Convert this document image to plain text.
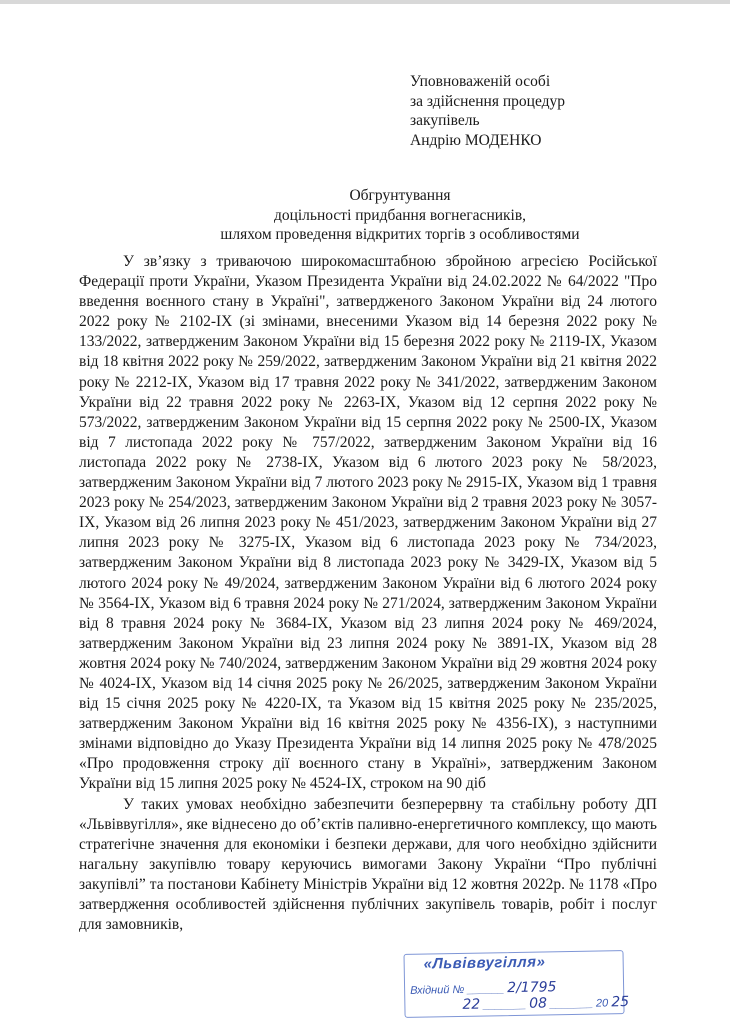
Уповноваженій особі
за здійснення процедур
закупівель
Андрію МОДЕНКО
Обгрунтування
доцільності придбання вогнегасників,
шляхом проведення відкритих торгів з особливостями

У зв’язку з триваючою широкомасштабною збройною агресією Російської Федерації проти України, Указом Президента України від 24.02.2022 № 64/2022 "Про введення воєнного стану в Україні", затвердженого Законом України від 24 лютого 2022 року № 2102-IX (зі змінами, внесеними Указом від 14 березня 2022 року № 133/2022, затвердженим Законом України від 15 березня 2022 року № 2119-IX, Указом від 18 квітня 2022 року № 259/2022, затвердженим Законом України від 21 квітня 2022 року № 2212-IX, Указом від 17 травня 2022 року № 341/2022, затвердженим Законом України від 22 травня 2022 року № 2263-IX, Указом від 12 серпня 2022 року № 573/2022, затвердженим Законом України від 15 серпня 2022 року № 2500-IX, Указом від 7 листопада 2022 року № 757/2022, затвердженим Законом України від 16 листопада 2022 року № 2738-IX, Указом від 6 лютого 2023 року № 58/2023, затвердженим Законом України від 7 лютого 2023 року № 2915-IX, Указом від 1 травня 2023 року № 254/2023, затвердженим Законом України від 2 травня 2023 року № 3057-IX, Указом від 26 липня 2023 року № 451/2023, затвердженим Законом України від 27 липня 2023 року № 3275-IX, Указом від 6 листопада 2023 року № 734/2023, затвердженим Законом України від 8 листопада 2023 року № 3429-IX, Указом від 5 лютого 2024 року № 49/2024, затвердженим Законом України від 6 лютого 2024 року № 3564-IX, Указом від 6 травня 2024 року № 271/2024, затвердженим Законом України від 8 травня 2024 року № 3684-IX, Указом від 23 липня 2024 року № 469/2024, затвердженим Законом України від 23 липня 2024 року № 3891-IX, Указом від 28 жовтня 2024 року № 740/2024, затвердженим Законом України від 29 жовтня 2024 року № 4024-IX, Указом від 14 січня 2025 року № 26/2025, затвердженим Законом України від 15 січня 2025 року № 4220-IX, та Указом від 15 квітня 2025 року № 235/2025, затвердженим Законом України від 16 квітня 2025 року № 4356-IX), з наступними змінами відповідно до Указу Президента України від 14 липня 2025 року № 478/2025 «Про продовження строку дії воєнного стану в Україні», затвердженим Законом України від 15 липня 2025 року № 4524-IX, строком на 90 діб

У таких умовах необхідно забезпечити безперервну та стабільну роботу ДП «Львіввугілля», яке віднесено до об’єктів паливно-енергетичного комплексу, що мають стратегічне значення для економіки і безпеки держави, для чого необхідно здійснити нагальну закупівлю товару керуючись вимогами Закону України “Про публічні закупівлі” та постанови Кабінету Міністрів України від 12 жовтня 2022р. № 1178 «Про затвердження особливостей здійснення публічних закупівель товарів, робіт і послуг для замовників,

«Львіввугілля»
Вхідний № ______ 2/1795
22 _______ 08 _______ 20 25
